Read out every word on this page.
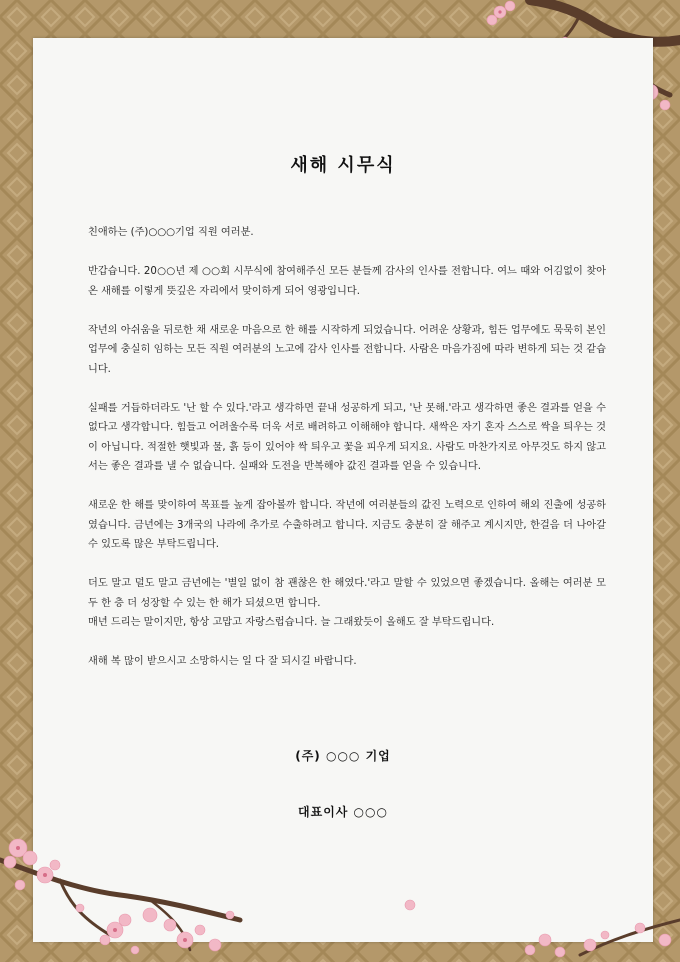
새해 시무식

친애하는 (주)○○○기업 직원 여러분.

반갑습니다. 20○○년 제 ○○회 시무식에 참여해주신 모든 분들께 감사의 인사를 전합니다. 여느 때와 어김없이 찾아온 새해를 이렇게 뜻깊은 자리에서 맞이하게 되어 영광입니다.

작년의 아쉬움을 뒤로한 채 새로운 마음으로 한 해를 시작하게 되었습니다. 어려운 상황과, 힘든 업무에도 묵묵히 본인 업무에 충실히 임하는 모든 직원 여러분의 노고에 감사 인사를 전합니다. 사람은 마음가짐에 따라 변하게 되는 것 같습니다.

실패를 거듭하더라도 '난 할 수 있다.'라고 생각하면 끝내 성공하게 되고, '난 못해.'라고 생각하면 좋은 결과를 얻을 수 없다고 생각합니다. 힘들고 어려울수록 더욱 서로 배려하고 이해해야 합니다. 새싹은 자기 혼자 스스로 싹을 틔우는 것이 아닙니다. 적절한 햇빛과 물, 흙 등이 있어야 싹 틔우고 꽃을 피우게 되지요. 사람도 마찬가지로 아무것도 하지 않고서는 좋은 결과를 낼 수 없습니다. 실패와 도전을 반복해야 값진 결과를 얻을 수 있습니다.

새로운 한 해를 맞이하여 목표를 높게 잡아볼까 합니다. 작년에 여러분들의 값진 노력으로 인하여 해외 진출에 성공하였습니다. 금년에는 3개국의 나라에 추가로 수출하려고 합니다. 지금도 충분히 잘 해주고 계시지만, 한걸음 더 나아갈 수 있도록 많은 부탁드립니다.

더도 말고 덜도 말고 금년에는 '별일 없이 참 괜찮은 한 해였다.'라고 말할 수 있었으면 좋겠습니다. 올해는 여러분 모두 한 층 더 성장할 수 있는 한 해가 되셨으면 합니다.
매년 드리는 말이지만, 항상 고맙고 자랑스럽습니다. 늘 그래왔듯이 올해도 잘 부탁드립니다.

새해 복 많이 받으시고 소망하시는 일 다 잘 되시길 바랍니다.

(주) ○○○ 기업
대표이사 ○○○
